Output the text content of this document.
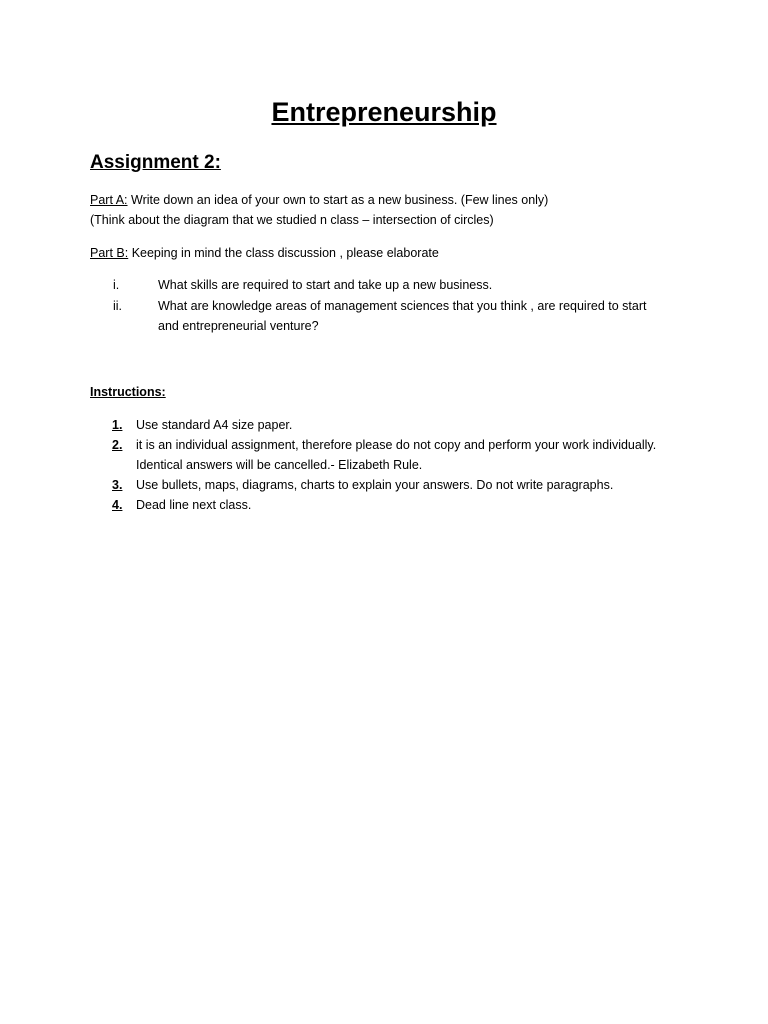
Entrepreneurship
Assignment 2:
Part A: Write down an idea of your own to start as a new business. (Few lines only)
(Think about the diagram that we studied n class – intersection of circles)
Part B: Keeping in mind the class discussion , please elaborate
i.	What skills are required to start and take up a new business.
ii.	What are knowledge areas of management sciences that you think , are required to start
and entrepreneurial venture?
Instructions:
1. Use standard A4 size paper.
2. it is an individual assignment, therefore please do not copy and perform your work individually.
Identical answers will be cancelled.- Elizabeth Rule.
3. Use bullets, maps, diagrams, charts to explain your answers. Do not write paragraphs.
4. Dead line next class.
